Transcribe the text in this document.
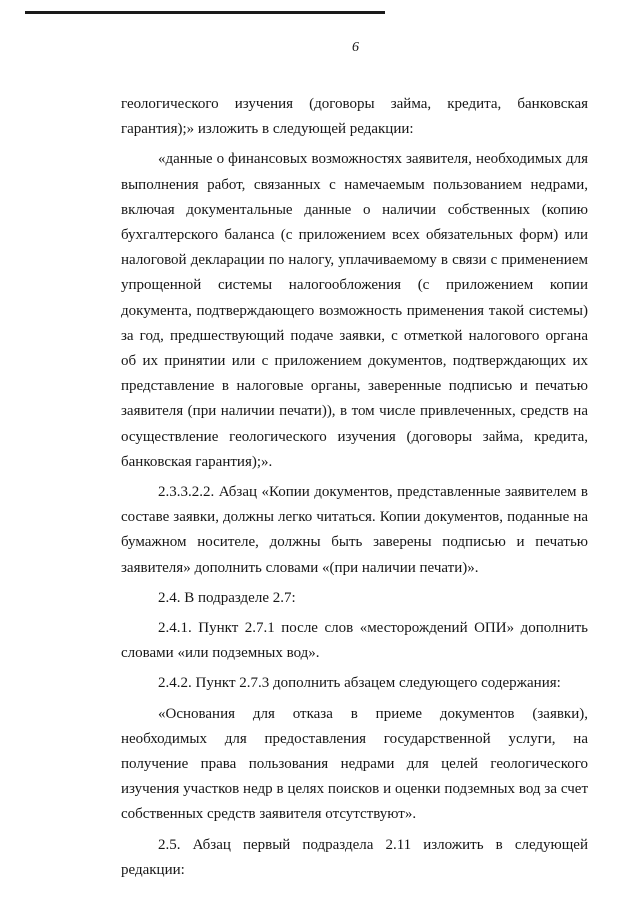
6

геологического изучения (договоры займа, кредита, банковская гарантия);» изложить в следующей редакции:

«данные о финансовых возможностях заявителя, необходимых для выполнения работ, связанных с намечаемым пользованием недрами, включая документальные данные о наличии собственных (копию бухгалтерского баланса (с приложением всех обязательных форм) или налоговой декларации по налогу, уплачиваемому в связи с применением упрощенной системы налогообложения (с приложением копии документа, подтверждающего возможность применения такой системы) за год, предшествующий подаче заявки, с отметкой налогового органа об их принятии или с приложением документов, подтверждающих их представление в налоговые органы, заверенные подписью и печатью заявителя (при наличии печати)), в том числе привлеченных, средств на осуществление геологического изучения (договоры займа, кредита, банковская гарантия);».

2.3.3.2.2. Абзац «Копии документов, представленные заявителем в составе заявки, должны легко читаться. Копии документов, поданные на бумажном носителе, должны быть заверены подписью и печатью заявителя» дополнить словами «(при наличии печати)».

2.4. В подразделе 2.7:

2.4.1. Пункт 2.7.1 после слов «месторождений ОПИ» дополнить словами «или подземных вод».

2.4.2. Пункт 2.7.3 дополнить абзацем следующего содержания:

«Основания для отказа в приеме документов (заявки), необходимых для предоставления государственной услуги, на получение права пользования недрами для целей геологического изучения участков недр в целях поисков и оценки подземных вод за счет собственных средств заявителя отсутствуют».

2.5. Абзац первый подраздела 2.11 изложить в следующей редакции:
